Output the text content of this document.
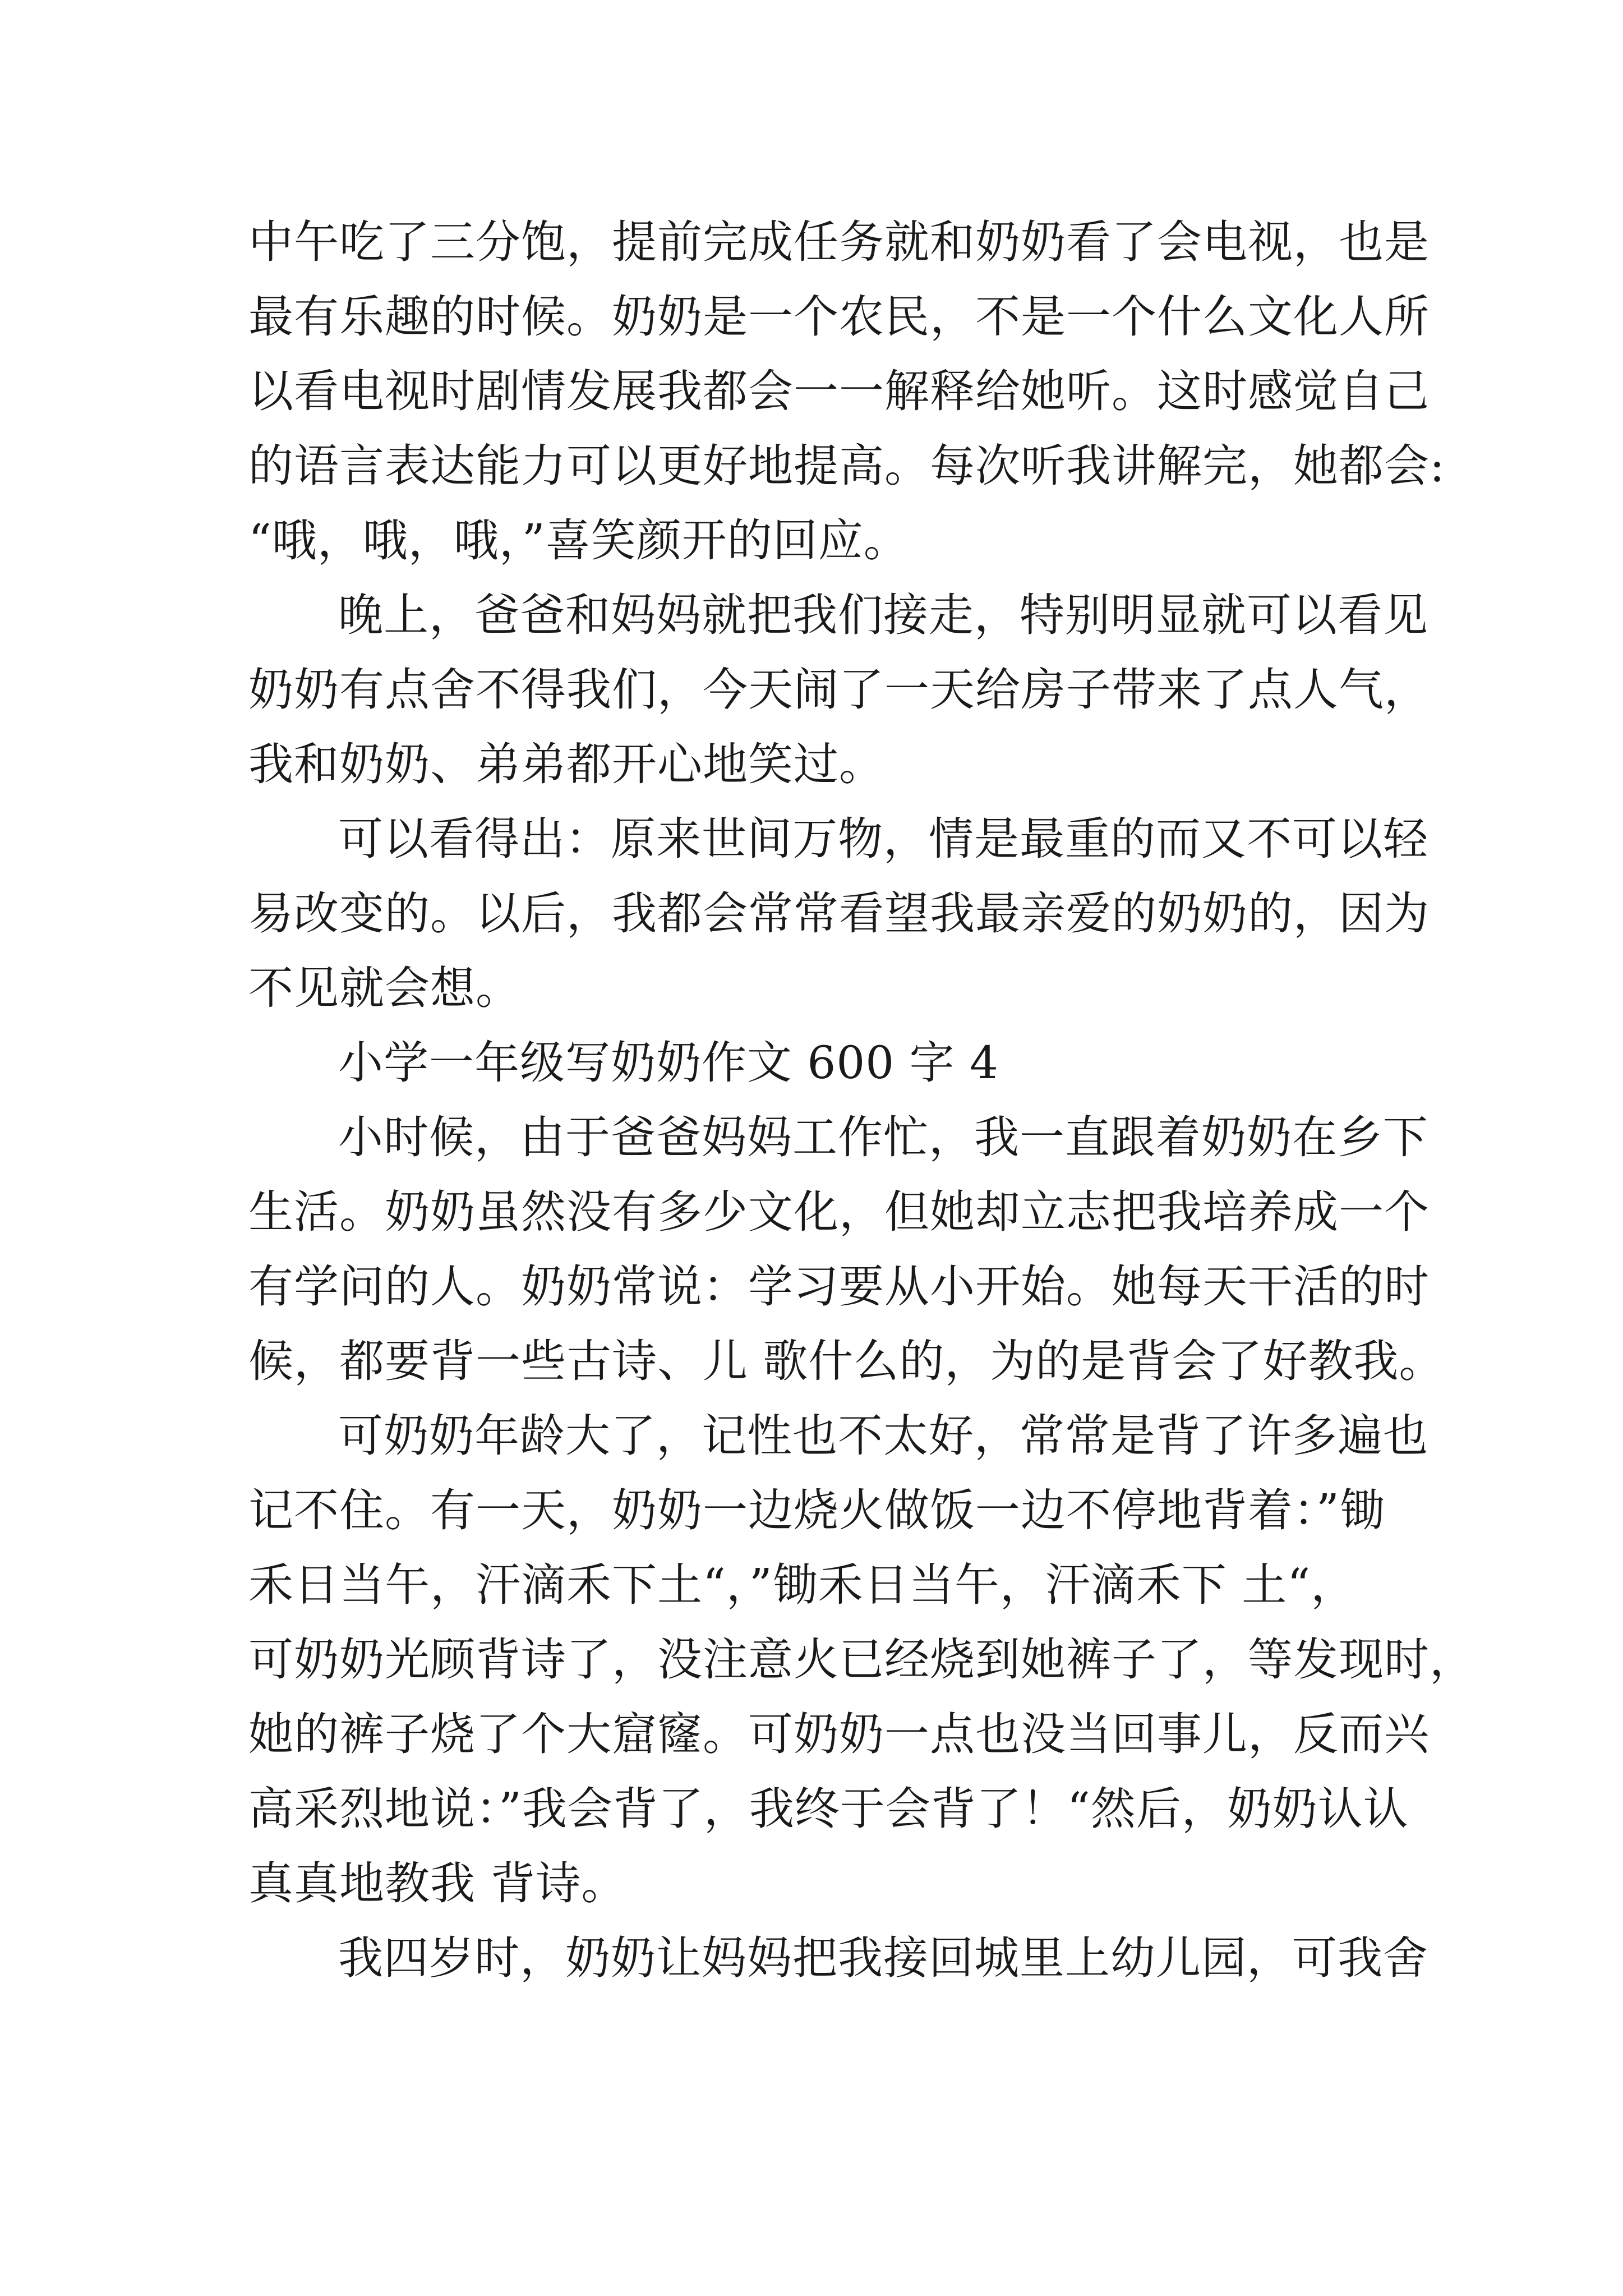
中午吃了三分饱，提前完成任务就和奶奶看了会电视，也是
最有乐趣的时候。奶奶是一个农民，不是一个什么文化人所
以看电视时剧情发展我都会一一解释给她听。这时感觉自己
的语言表达能力可以更好地提高。每次听我讲解完，她都会:
“哦，哦，哦，”喜笑颜开的回应。
晚上，爸爸和妈妈就把我们接走，特别明显就可以看见
奶奶有点舍不得我们，今天闹了一天给房子带来了点人气，
我和奶奶、弟弟都开心地笑过。
可以看得出：原来世间万物，情是最重的而又不可以轻
易改变的。以后，我都会常常看望我最亲爱的奶奶的，因为
不见就会想。
小学一年级写奶奶作文 600 字 4
小时候，由于爸爸妈妈工作忙，我一直跟着奶奶在乡下
生活。奶奶虽然没有多少文化，但她却立志把我培养成一个
有学问的人。奶奶常说：学习要从小开始。她每天干活的时
候，都要背一些古诗、儿 歌什么的，为的是背会了好教我。
可奶奶年龄大了，记性也不太好，常常是背了许多遍也
记不住。有一天，奶奶一边烧火做饭一边不停地背着：”锄
禾日当午，汗滴禾下土“，”锄禾日当午，汗滴禾下 土“，
可奶奶光顾背诗了，没注意火已经烧到她裤子了，等发现时，
她的裤子烧了个大窟窿。可奶奶一点也没当回事儿，反而兴
高采烈地说：”我会背了，我终于会背了！“然后，奶奶认认
真真地教我 背诗。
我四岁时，奶奶让妈妈把我接回城里上幼儿园，可我舍
